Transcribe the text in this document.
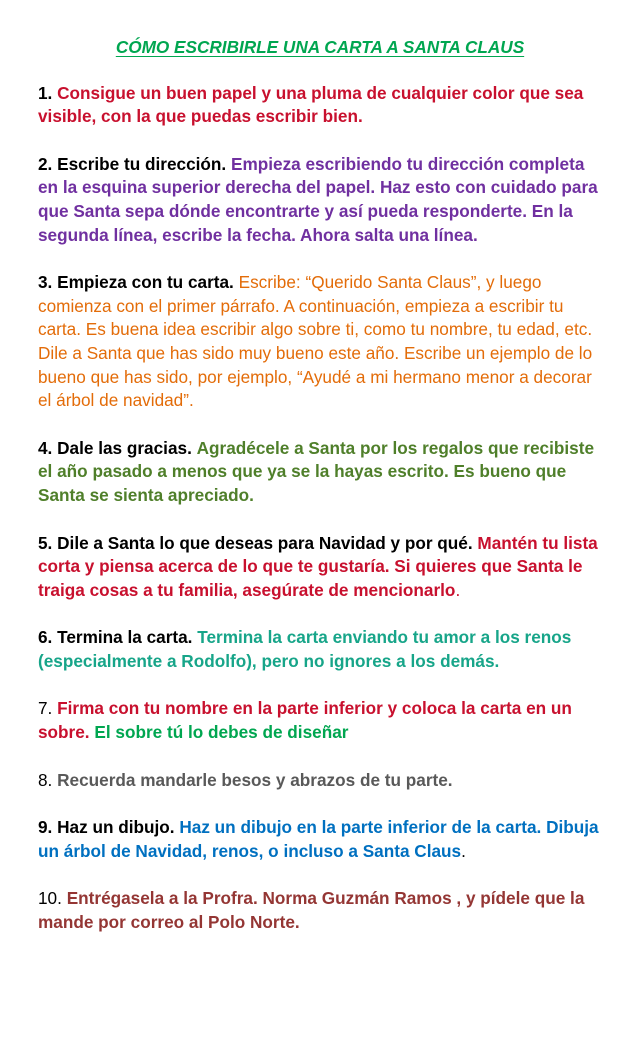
CÓMO ESCRIBIRLE UNA CARTA A SANTA CLAUS
1. Consigue un buen papel y una pluma de cualquier color que sea visible, con la que puedas escribir bien.
2. Escribe tu dirección. Empieza escribiendo tu dirección completa en la esquina superior derecha del papel. Haz esto con cuidado para que Santa sepa dónde encontrarte y así pueda responderte. En la segunda línea, escribe la fecha. Ahora salta una línea.
3. Empieza con tu carta. Escribe: “Querido Santa Claus”, y luego comienza con el primer párrafo. A continuación, empieza a escribir tu carta. Es buena idea escribir algo sobre ti, como tu nombre, tu edad, etc. Dile a Santa que has sido muy bueno este año. Escribe un ejemplo de lo bueno que has sido, por ejemplo, “Ayudé a mi hermano menor a decorar el árbol de navidad”.
4. Dale las gracias. Agradécele a Santa por los regalos que recibiste el año pasado a menos que ya se la hayas escrito. Es bueno que Santa se sienta apreciado.
5. Dile a Santa lo que deseas para Navidad y por qué. Mantén tu lista corta y piensa acerca de lo que te gustaría. Si quieres que Santa le traiga cosas a tu familia, asegúrate de mencionarlo.
6. Termina la carta. Termina la carta enviando tu amor a los renos (especialmente a Rodolfo), pero no ignores a los demás.
7. Firma con tu nombre en la parte inferior y coloca la carta en un sobre. El sobre tú lo debes de diseñar
8. Recuerda mandarle besos y abrazos de tu parte.
9. Haz un dibujo. Haz un dibujo en la parte inferior de la carta. Dibuja un árbol de Navidad, renos, o incluso a Santa Claus.
10. Entrégasela a la Profra. Norma Guzmán Ramos , y pídele que la mande por correo al Polo Norte.
